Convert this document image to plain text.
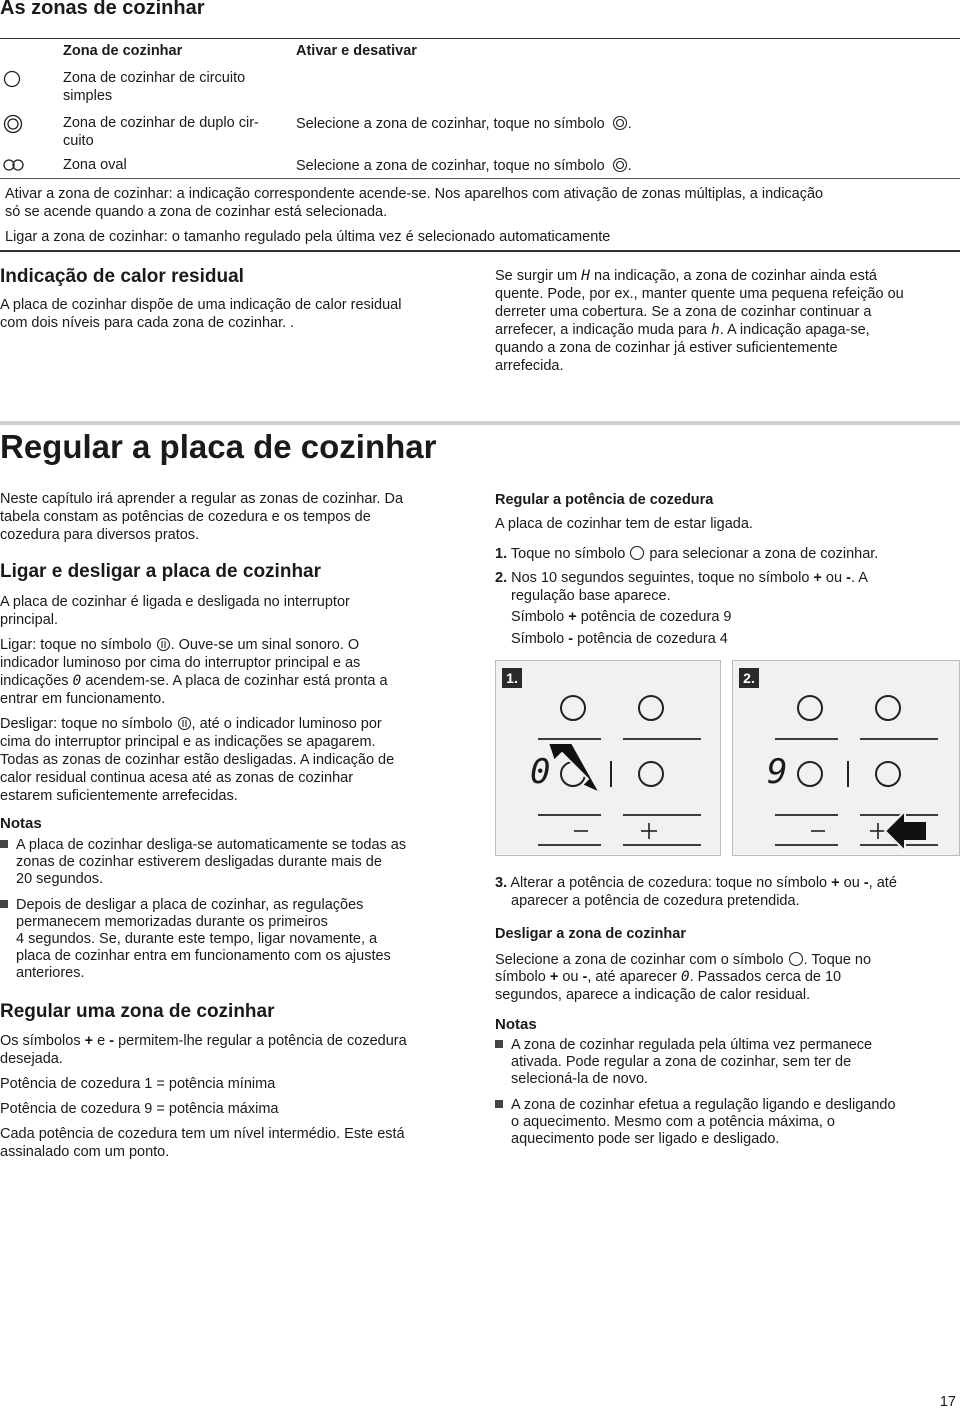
As zonas de cozinhar
Zona de cozinhar	Ativar e desativar
Zona de cozinhar de circuito
simples
Zona de cozinhar de duplo cir-
cuito
Selecione a zona de cozinhar, toque no símbolo .
Zona oval	Selecione a zona de cozinhar, toque no símbolo .
Ativar a zona de cozinhar: a indicação correspondente acende-se. Nos aparelhos com ativação de zonas múltiplas, a indicação
só se acende quando a zona de cozinhar está selecionada.
Ligar a zona de cozinhar: o tamanho regulado pela última vez é selecionado automaticamente
Indicação de calor residual
A placa de cozinhar dispõe de uma indicação de calor residual
com dois níveis para cada zona de cozinhar. .
Se surgir um H na indicação, a zona de cozinhar ainda está
quente. Pode, por ex., manter quente uma pequena refeição ou
derreter uma cobertura. Se a zona de cozinhar continuar a
arrefecer, a indicação muda para h. A indicação apaga-se,
quando a zona de cozinhar já estiver suficientemente
arrefecida.
Regular a placa de cozinhar
Neste capítulo irá aprender a regular as zonas de cozinhar. Da
tabela constam as potências de cozedura e os tempos de
cozedura para diversos pratos.
Ligar e desligar a placa de cozinhar
A placa de cozinhar é ligada e desligada no interruptor
principal.
Ligar: toque no símbolo . Ouve-se um sinal sonoro. O
indicador luminoso por cima do interruptor principal e as
indicações 0 acendem-se. A placa de cozinhar está pronta a
entrar em funcionamento.
Desligar: toque no símbolo , até o indicador luminoso por
cima do interruptor principal e as indicações se apagarem.
Todas as zonas de cozinhar estão desligadas. A indicação de
calor residual continua acesa até as zonas de cozinhar
estarem suficientemente arrefecidas.
Notas
A placa de cozinhar desliga-se automaticamente se todas as
zonas de cozinhar estiverem desligadas durante mais de
20 segundos.
Depois de desligar a placa de cozinhar, as regulações
permanecem memorizadas durante os primeiros
4 segundos. Se, durante este tempo, ligar novamente, a
placa de cozinhar entra em funcionamento com os ajustes
anteriores.
Regular uma zona de cozinhar
Os símbolos + e - permitem-lhe regular a potência de cozedura
desejada.
Potência de cozedura 1 = potência mínima
Potência de cozedura 9 = potência máxima
Cada potência de cozedura tem um nível intermédio. Este está
assinalado com um ponto.
Regular a potência de cozedura
A placa de cozinhar tem de estar ligada.
1. Toque no símbolo para selecionar a zona de cozinhar.
2. Nos 10 segundos seguintes, toque no símbolo + ou -. A
regulação base aparece.
Símbolo + potência de cozedura 9
Símbolo - potência de cozedura 4
1.
0
2.
9
3. Alterar a potência de cozedura: toque no símbolo + ou -, até
aparecer a potência de cozedura pretendida.
Desligar a zona de cozinhar
Selecione a zona de cozinhar com o símbolo . Toque no
símbolo + ou -, até aparecer 0. Passados cerca de 10
segundos, aparece a indicação de calor residual.
Notas
A zona de cozinhar regulada pela última vez permanece
ativada. Pode regular a zona de cozinhar, sem ter de
selecioná-la de novo.
A zona de cozinhar efetua a regulação ligando e desligando
o aquecimento. Mesmo com a potência máxima, o
aquecimento pode ser ligado e desligado.
17
